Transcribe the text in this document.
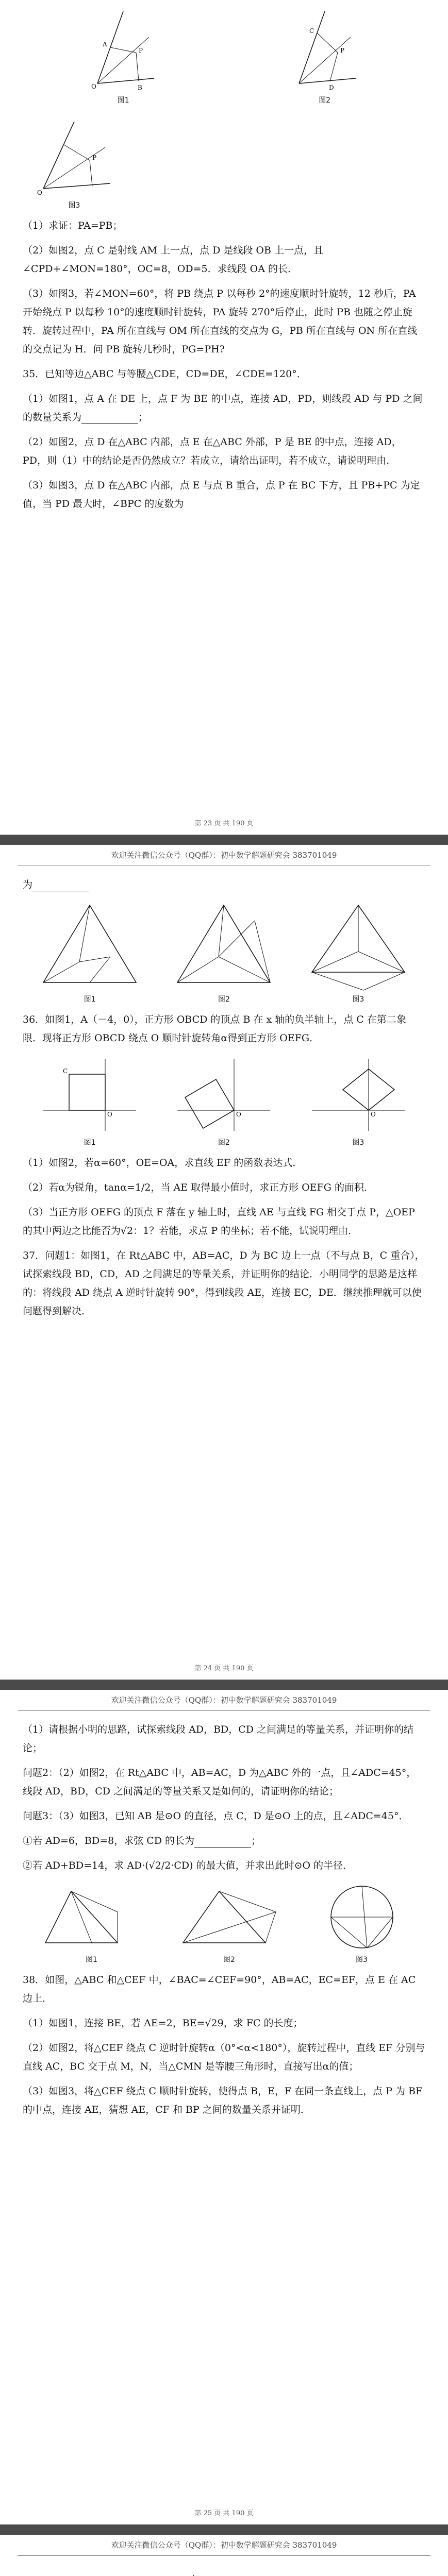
O
A
P
B
图1
C
P
D
图2
O
P
图3

（1）求证：PA=PB；

（2）如图2，点 C 是射线 AM 上一点，点 D 是线段 OB 上一点，且∠CPD+∠MON=180°，OC=8，OD=5．求线段 OA 的长．

（3）如图3，若∠MON=60°，将 PB 绕点 P 以每秒 2°的速度顺时针旋转，12 秒后，PA 开始绕点 P 以每秒 10°的速度顺时针旋转，PA 旋转 270°后停止，此时 PB 也随之停止旋转．旋转过程中，PA 所在直线与 OM 所在直线的交点为 G，PB 所在直线与 ON 所在直线的交点记为 H．问 PB 旋转几秒时，PG=PH?

35．已知等边△ABC 与等腰△CDE，CD=DE，∠CDE=120°．

（1）如图1，点 A 在 DE 上，点 F 为 BE 的中点，连接 AD，PD，则线段 AD 与 PD 之间的数量关系为	；

（2）如图2，点 D 在△ABC 内部，点 E 在△ABC 外部，P 是 BE 的中点，连接 AD，PD，则（1）中的结论是否仍然成立？若成立，请给出证明，若不成立，请说明理由．

（3）如图3，点 D 在△ABC 内部，点 E 与点 B 重合，点 P 在 BC 下方，且 PB+PC 为定值，当 PD 最大时，∠BPC 的度数为

第 23 页 共 190 页
欢迎关注微信公众号（QQ群）：初中数学解题研究会 383701049

为

图1	图2	图3

36．如图1，A（－4，0），正方形 OBCD 的顶点 B 在 x 轴的负半轴上，点 C 在第二象限．现将正方形 OBCD 绕点 O 顺时针旋转角α得到正方形 OEFG．

C
O
图1
O
图2
O
图3

（1）如图2，若α=60°，OE=OA，求直线 EF 的函数表达式．

（2）若α为锐角，tanα=1/2，当 AE 取得最小值时，求正方形 OEFG 的面积．

（3）当正方形 OEFG 的顶点 F 落在 y 轴上时，直线 AE 与直线 FG 相交于点 P，△OEP 的其中两边之比能否为√2：1？若能，求点 P 的坐标；若不能，试说明理由．

37．问题1：如图1，在 Rt△ABC 中，AB=AC，D 为 BC 边上一点（不与点 B，C 重合），试探索线段 BD，CD，AD 之间满足的等量关系，并证明你的结论．小明同学的思路是这样的：将线段 AD 绕点 A 逆时针旋转 90°，得到线段 AE，连接 EC，DE．继续推理就可以使问题得到解决．

第 24 页 共 190 页
欢迎关注微信公众号（QQ群）：初中数学解题研究会 383701049

（1）请根据小明的思路，试探索线段 AD，BD，CD 之间满足的等量关系，并证明你的结论；

问题2：（2）如图2，在 Rt△ABC 中，AB=AC，D 为△ABC 外的一点，且∠ADC=45°，线段 AD，BD，CD 之间满足的等量关系又是如何的，请证明你的结论；

问题3：（3）如图3，已知 AB 是⊙O 的直径，点 C，D 是⊙O 上的点，且∠ADC=45°．

①若 AD=6，BD=8，求弦 CD 的长为	；

②若 AD+BD=14，求 AD·(√2/2·CD) 的最大值，并求出此时⊙O 的半径．

图1	图2	图3

38．如图，△ABC 和△CEF 中，∠BAC=∠CEF=90°，AB=AC，EC=EF，点 E 在 AC 边上．

（1）如图1，连接 BE，若 AE=2，BE=√29，求 FC 的长度；

（2）如图2，将△CEF 绕点 C 逆时针旋转α（0°<α<180°），旋转过程中，直线 EF 分别与直线 AC，BC 交于点 M，N，当△CMN 是等腰三角形时，直接写出α的值；

（3）如图3，将△CEF 绕点 C 顺时针旋转，使得点 B，E，F 在同一条直线上，点 P 为 BF 的中点，连接 AE，猜想 AE，CF 和 BP 之间的数量关系并证明．

第 25 页 共 190 页
欢迎关注微信公众号（QQ群）：初中数学解题研究会 383701049
